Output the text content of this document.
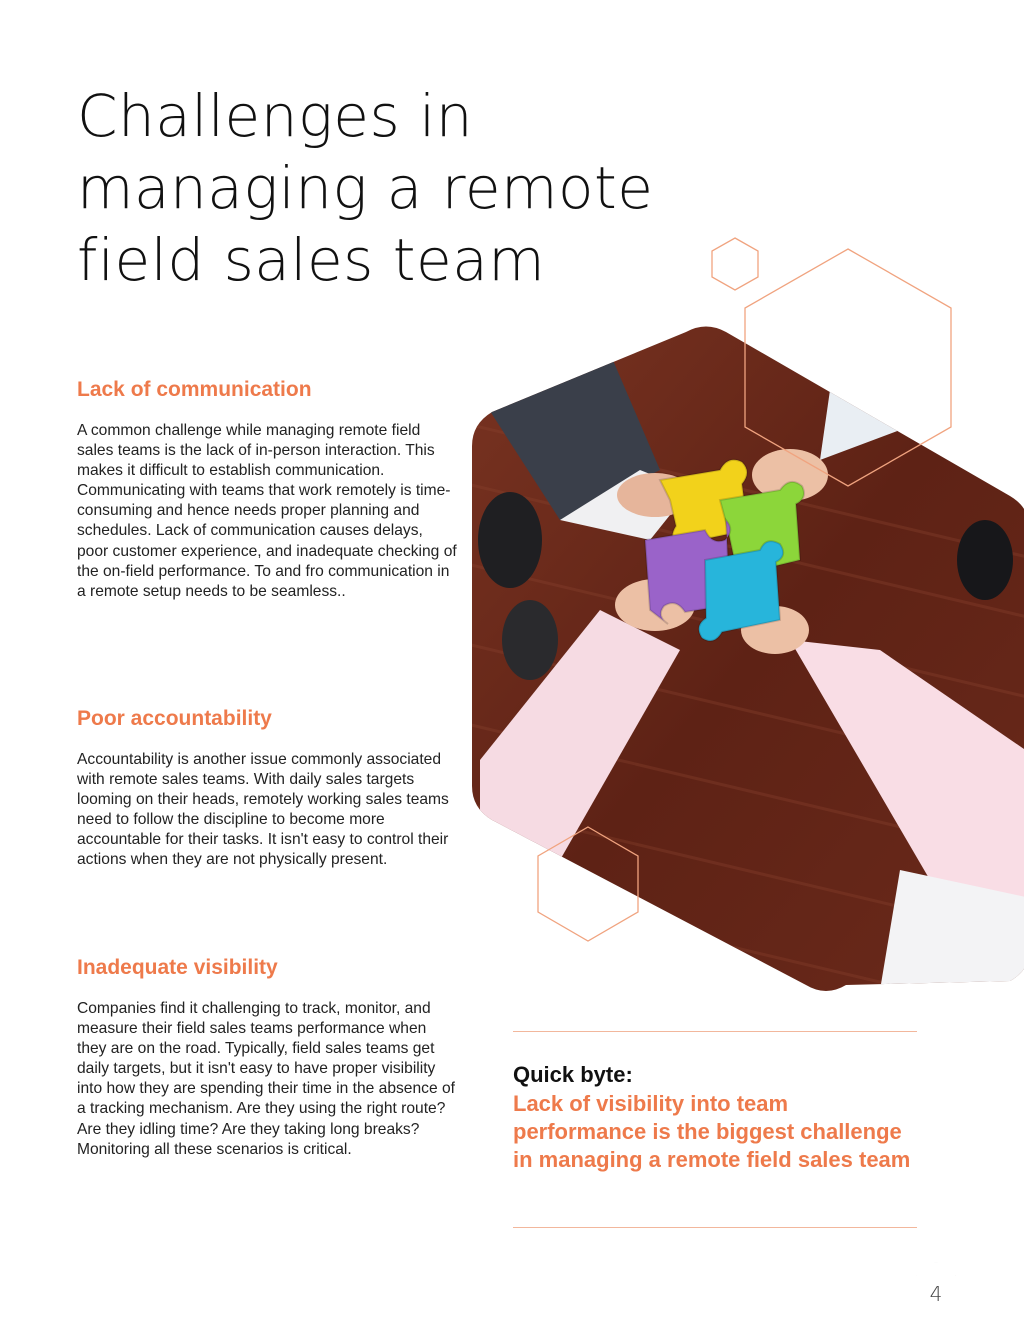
Challenges in
managing a remote
field sales team
Lack of communication

A common challenge while managing remote field sales teams is the lack of in-person interaction. This makes it difficult to establish communication. Communicating with teams that work remotely is time-consuming and hence needs proper planning and schedules. Lack of communication causes delays, poor customer experience, and inadequate checking of the on-field performance. To and fro communication in a remote setup needs to be seamless..

Poor accountability

Accountability is another issue commonly associated with remote sales teams. With daily sales targets looming on their heads, remotely working sales teams need to follow the discipline to become more accountable for their tasks. It isn't easy to control their actions when they are not physically present.

Inadequate visibility

Companies find it challenging to track, monitor, and measure their field sales teams performance when they are on the road. Typically, field sales teams get daily targets, but it isn't easy to have proper visibility into how they are spending their time in the absence of a tracking mechanism. Are they using the right route? Are they idling time? Are they taking long breaks? Monitoring all these scenarios is critical.

Quick byte:

Lack of visibility into team performance is the biggest challenge in managing a remote field sales team

4
